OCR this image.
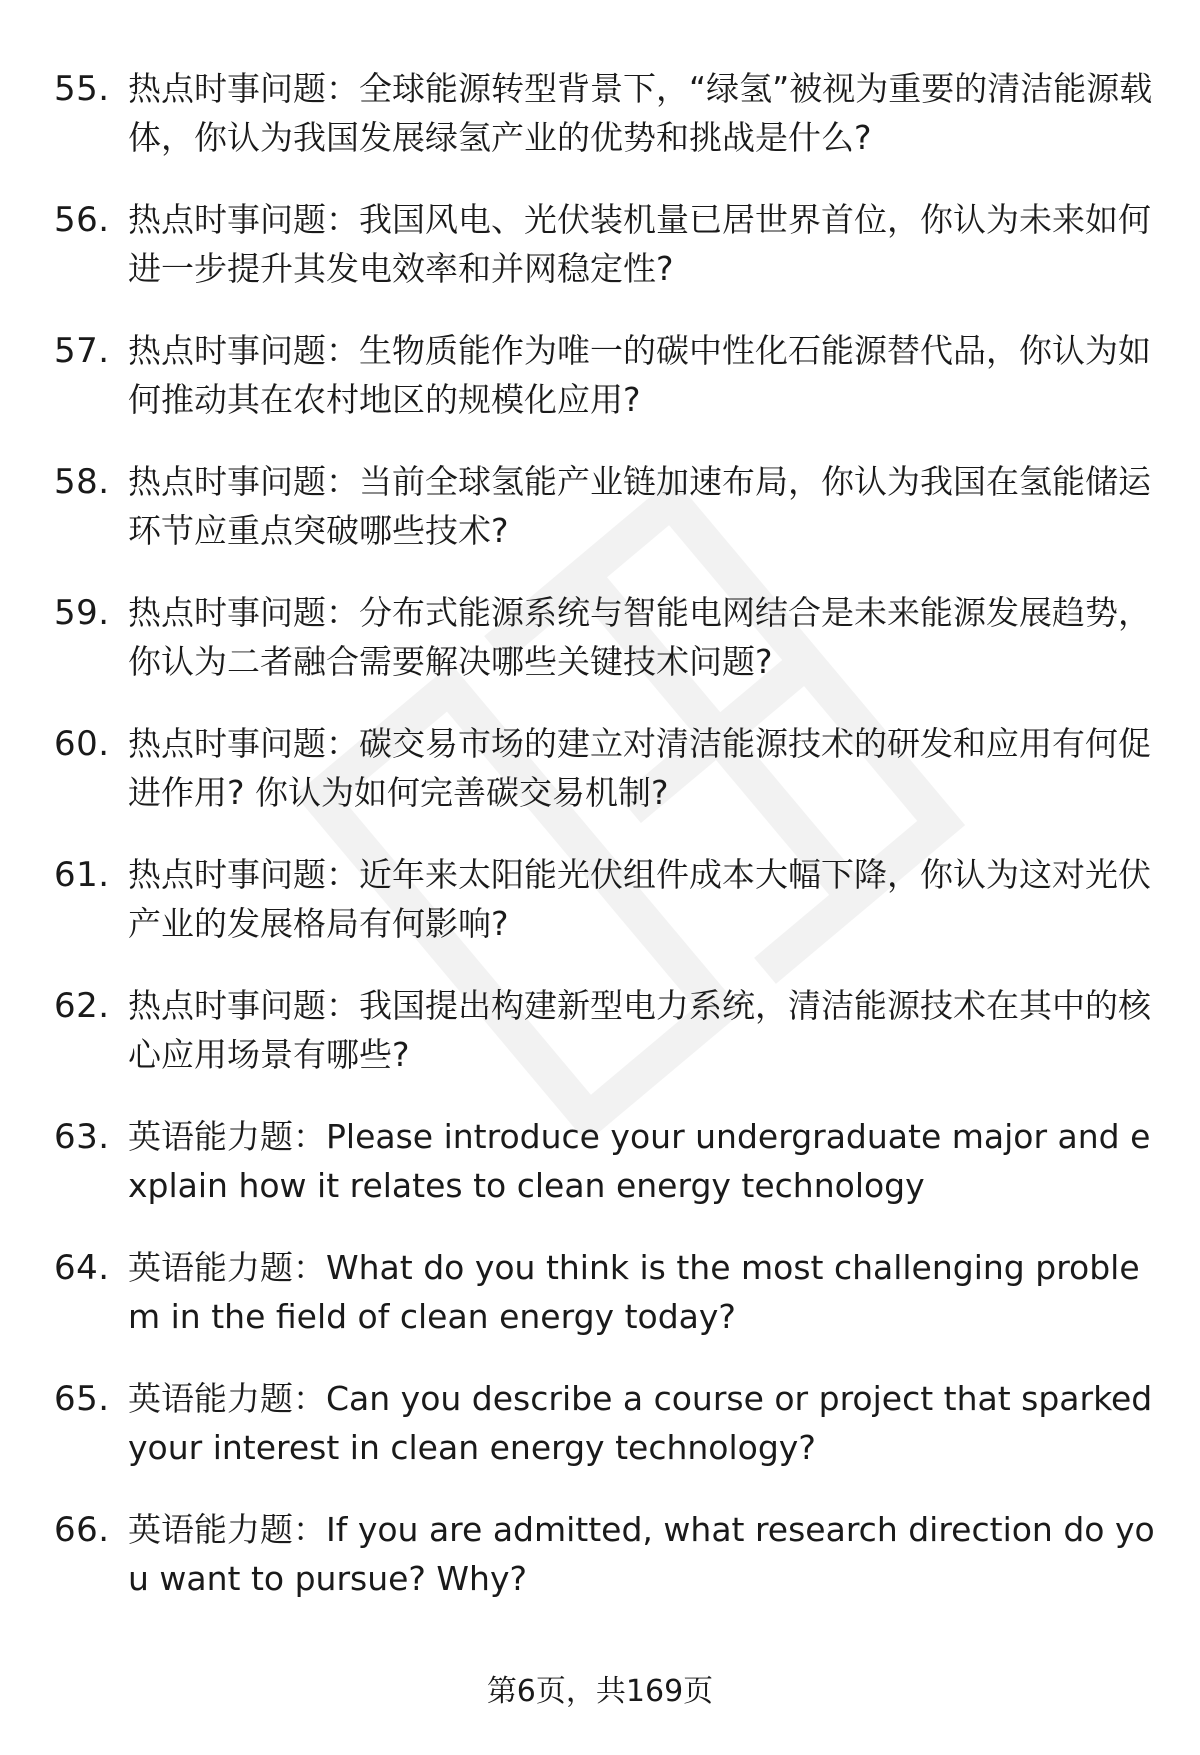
55. 热点时事问题：全球能源转型背景下，“绿氢”被视为重要的清洁能源载体，你认为我国发展绿氢产业的优势和挑战是什么?
56. 热点时事问题：我国风电、光伏装机量已居世界首位，你认为未来如何进一步提升其发电效率和并网稳定性?
57. 热点时事问题：生物质能作为唯一的碳中性化石能源替代品，你认为如何推动其在农村地区的规模化应用?
58. 热点时事问题：当前全球氢能产业链加速布局，你认为我国在氢能储运环节应重点突破哪些技术?
59. 热点时事问题：分布式能源系统与智能电网结合是未来能源发展趋势，你认为二者融合需要解决哪些关键技术问题?
60. 热点时事问题：碳交易市场的建立对清洁能源技术的研发和应用有何促进作用? 你认为如何完善碳交易机制?
61. 热点时事问题：近年来太阳能光伏组件成本大幅下降，你认为这对光伏产业的发展格局有何影响?
62. 热点时事问题：我国提出构建新型电力系统，清洁能源技术在其中的核心应用场景有哪些?
63. 英语能力题：Please introduce your undergraduate major and explain how it relates to clean energy technology
64. 英语能力题：What do you think is the most challenging problem in the field of clean energy today?
65. 英语能力题：Can you describe a course or project that sparked your interest in clean energy technology?
66. 英语能力题：If you are admitted, what research direction do you want to pursue? Why?
第6页，共169页
